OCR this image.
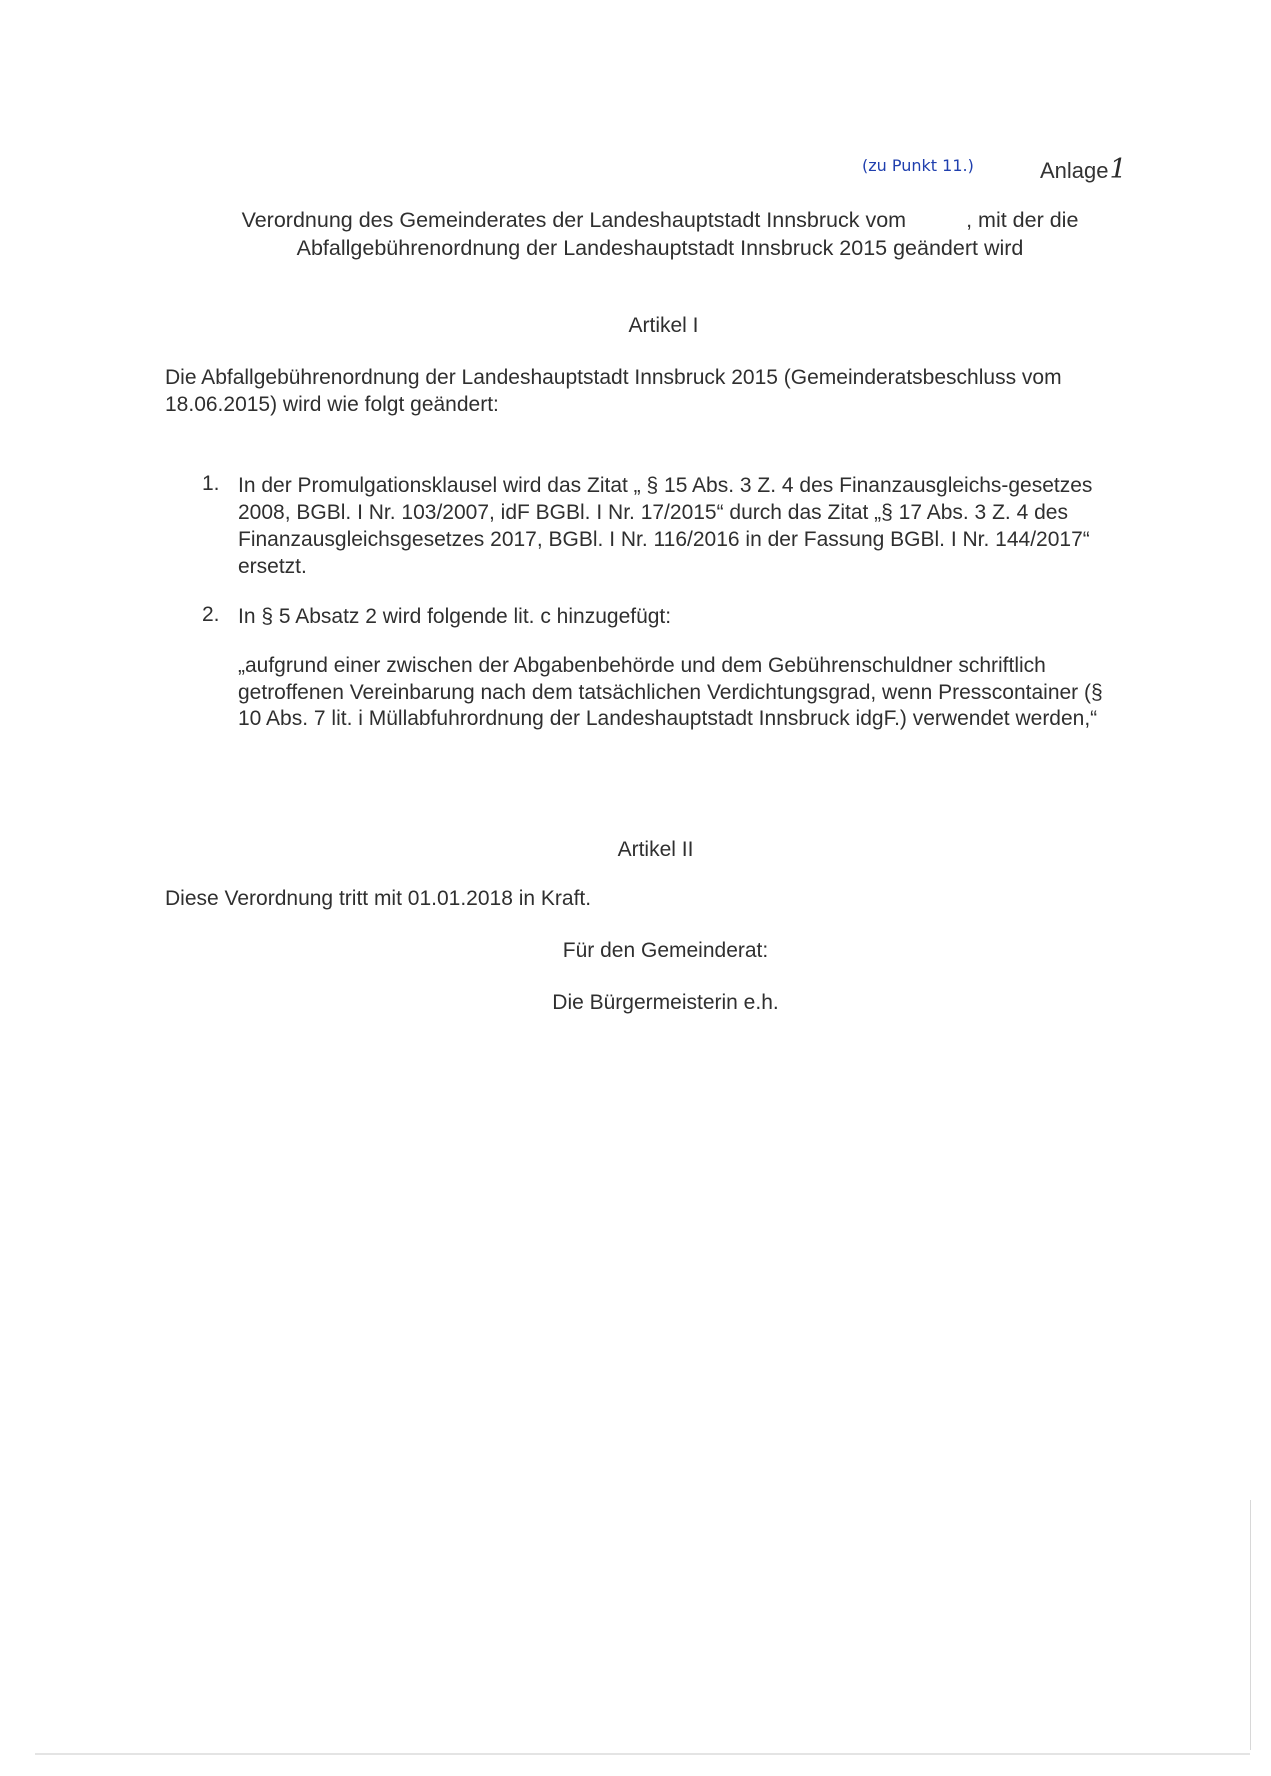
(zu Punkt 11.)	Anlage1
Verordnung des Gemeinderates der Landeshauptstadt Innsbruck vom	, mit der die
Abfallgebührenordnung der Landeshauptstadt Innsbruck 2015 geändert wird
Artikel I
Die Abfallgebührenordnung der Landeshauptstadt Innsbruck 2015 (Gemeinderatsbeschluss vom 18.06.2015) wird wie folgt geändert:
1. In der Promulgationsklausel wird das Zitat „ § 15 Abs. 3 Z. 4 des Finanzausgleichs-gesetzes 2008, BGBl. I Nr. 103/2007, idF BGBl. I Nr. 17/2015“ durch das Zitat „§ 17 Abs. 3 Z. 4 des Finanzausgleichsgesetzes 2017, BGBl. I Nr. 116/2016 in der Fassung BGBl. I Nr. 144/2017“ ersetzt.
2. In § 5 Absatz 2 wird folgende lit. c hinzugefügt:
„aufgrund einer zwischen der Abgabenbehörde und dem Gebührenschuldner schriftlich getroffenen Vereinbarung nach dem tatsächlichen Verdichtungsgrad, wenn Presscontainer (§ 10 Abs. 7 lit. i Müllabfuhrordnung der Landeshauptstadt Innsbruck idgF.) verwendet werden,“
Artikel II
Diese Verordnung tritt mit 01.01.2018 in Kraft.
Für den Gemeinderat:
Die Bürgermeisterin e.h.
